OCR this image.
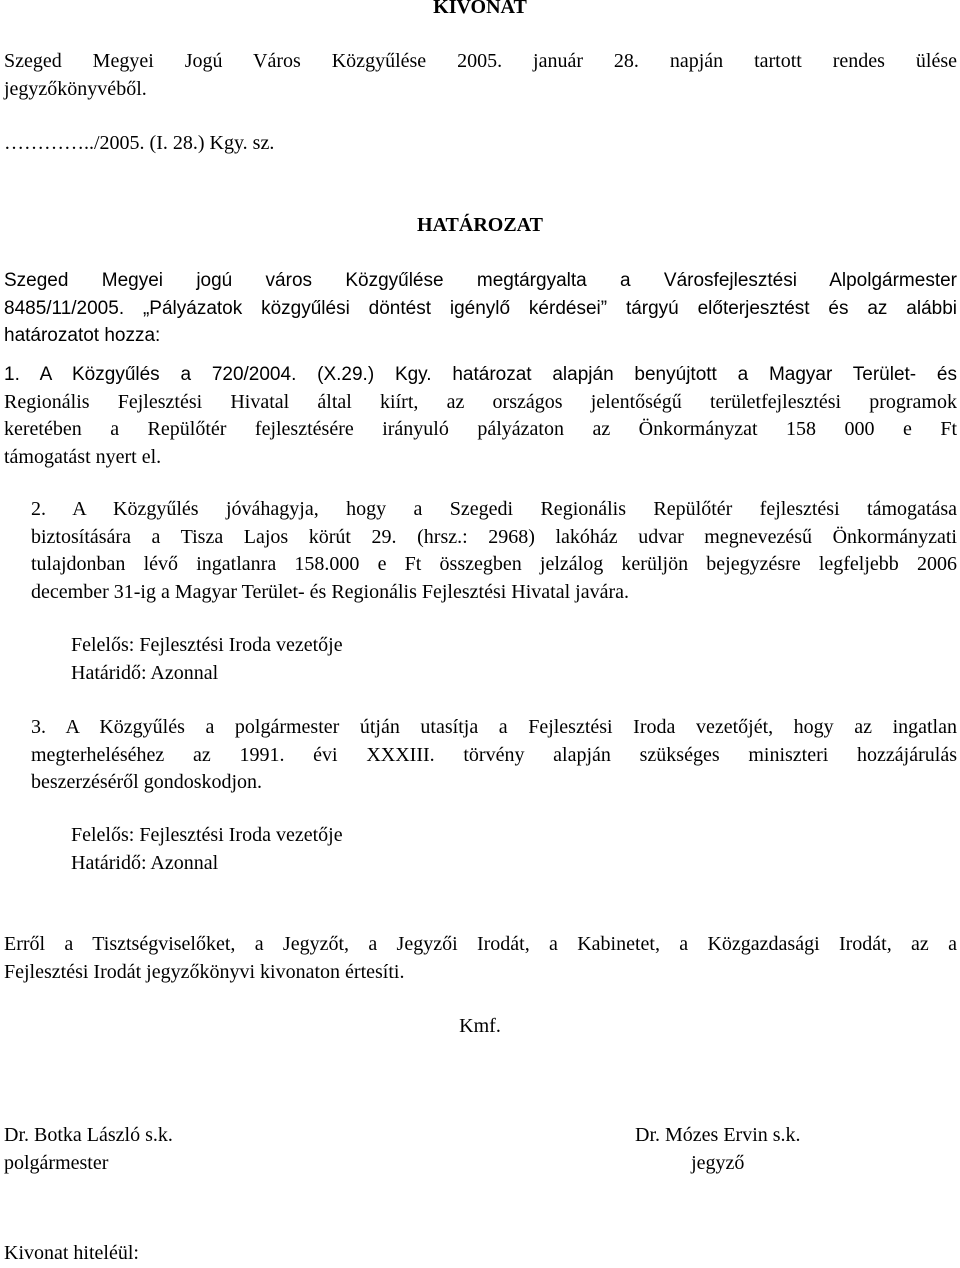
KIVONAT
Szeged Megyei Jogú Város Közgyűlése 2005. január 28. napján tartott rendes ülése
jegyzőkönyvéből.
…………../2005. (I. 28.) Kgy. sz.
HATÁROZAT
Szeged Megyei jogú város Közgyűlése megtárgyalta a Városfejlesztési Alpolgármester
8485/11/2005. „Pályázatok közgyűlési döntést igénylő kérdései” tárgyú előterjesztést és az alábbi
határozatot hozza:
1. A Közgyűlés a 720/2004. (X.29.) Kgy. határozat alapján benyújtott a Magyar Terület- és
Regionális Fejlesztési Hivatal által kiírt, az országos jelentőségű területfejlesztési programok
keretében a Repülőtér fejlesztésére irányuló pályázaton az Önkormányzat 158 000 e Ft
támogatást nyert el.
2. A Közgyűlés jóváhagyja, hogy a Szegedi Regionális Repülőtér fejlesztési támogatása
biztosítására a Tisza Lajos körút 29. (hrsz.: 2968) lakóház udvar megnevezésű Önkormányzati
tulajdonban lévő ingatlanra 158.000 e Ft összegben jelzálog kerüljön bejegyzésre legfeljebb 2006
december 31-ig a Magyar Terület- és Regionális Fejlesztési Hivatal javára.
Felelős: Fejlesztési Iroda vezetője
Határidő: Azonnal
3. A Közgyűlés a polgármester útján utasítja a Fejlesztési Iroda vezetőjét, hogy az ingatlan
megterheléséhez az 1991. évi XXXIII. törvény alapján szükséges miniszteri hozzájárulás
beszerzéséről gondoskodjon.
Felelős: Fejlesztési Iroda vezetője
Határidő: Azonnal
Erről a Tisztségviselőket, a Jegyzőt, a Jegyzői Irodát, a Kabinetet, a Közgazdasági Irodát, az a
Fejlesztési Irodát jegyzőkönyvi kivonaton értesíti.
Kmf.
Dr. Botka László s.k.
polgármester
Dr. Mózes Ervin s.k.
jegyző
Kivonat hiteléül:
